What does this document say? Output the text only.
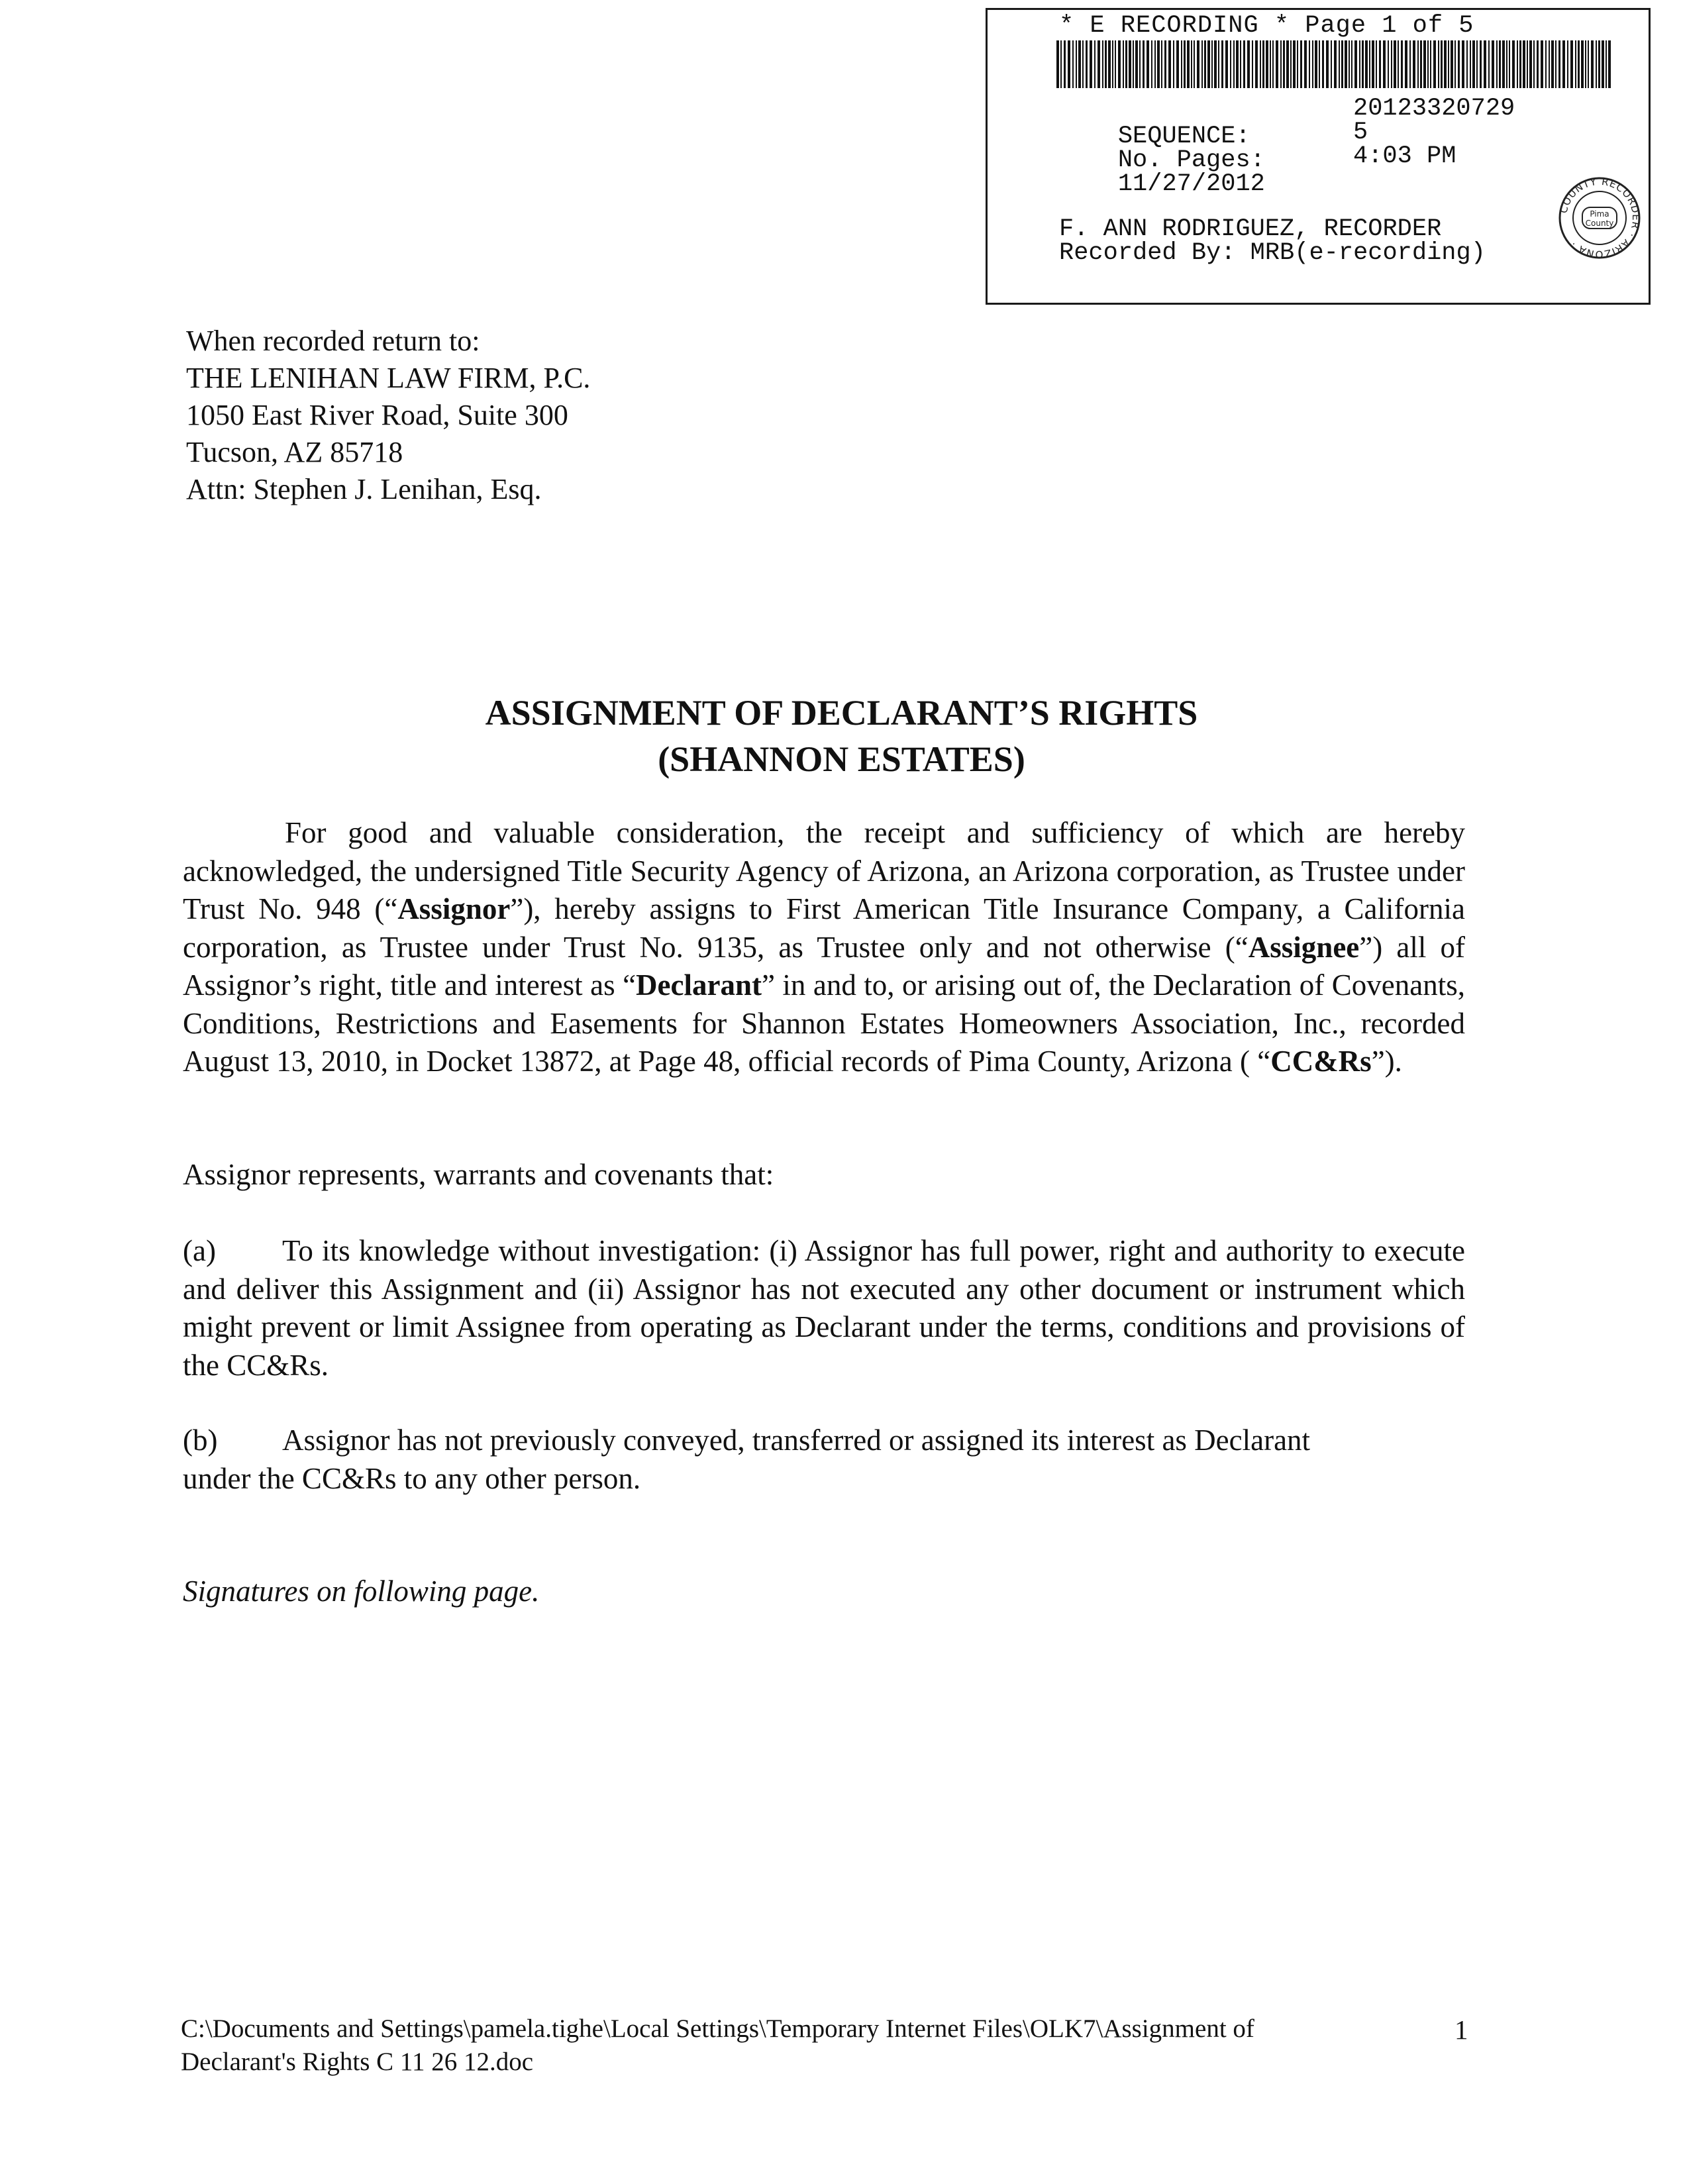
* E RECORDING * Page 1 of 5

SEQUENCE:

20123320729

No. Pages:

5

11/27/2012

4:03 PM

F. ANN RODRIGUEZ, RECORDER
Recorded By: MRB(e-recording)
COUNTY RECORDER · ARIZONA ·
Pima
County
When recorded return to:
THE LENIHAN LAW FIRM, P.C.
1050 East River Road, Suite 300
Tucson, AZ 85718
Attn: Stephen J. Lenihan, Esq.
ASSIGNMENT OF DECLARANT’S RIGHTS
(SHANNON ESTATES)

For good and valuable consideration, the receipt and sufficiency of which are hereby acknowledged, the undersigned Title Security Agency of Arizona, an Arizona corporation, as Trustee under Trust No. 948 (“Assignor”), hereby assigns to First American Title Insurance Company, a California corporation, as Trustee under Trust No. 9135, as Trustee only and not otherwise (“Assignee”) all of Assignor’s right, title and interest as “Declarant” in and to, or arising out of, the Declaration of Covenants, Conditions, Restrictions and Easements for Shannon Estates Homeowners Association, Inc., recorded August 13, 2010, in Docket 13872, at Page 48, official records of Pima County, Arizona ( “CC&Rs”).

Assignor represents, warrants and covenants that:

(a) To its knowledge without investigation: (i) Assignor has full power, right and authority to execute and deliver this Assignment and (ii) Assignor has not executed any other document or instrument which might prevent or limit Assignee from operating as Declarant under the terms, conditions and provisions of the CC&Rs.

(b) Assignor has not previously conveyed, transferred or assigned its interest as Declarant
under the CC&Rs to any other person.

Signatures on following page.

C:\Documents and Settings\pamela.tighe\Local Settings\Temporary Internet Files\OLK7\Assignment of
Declarant's Rights C 11 26 12.doc
1
